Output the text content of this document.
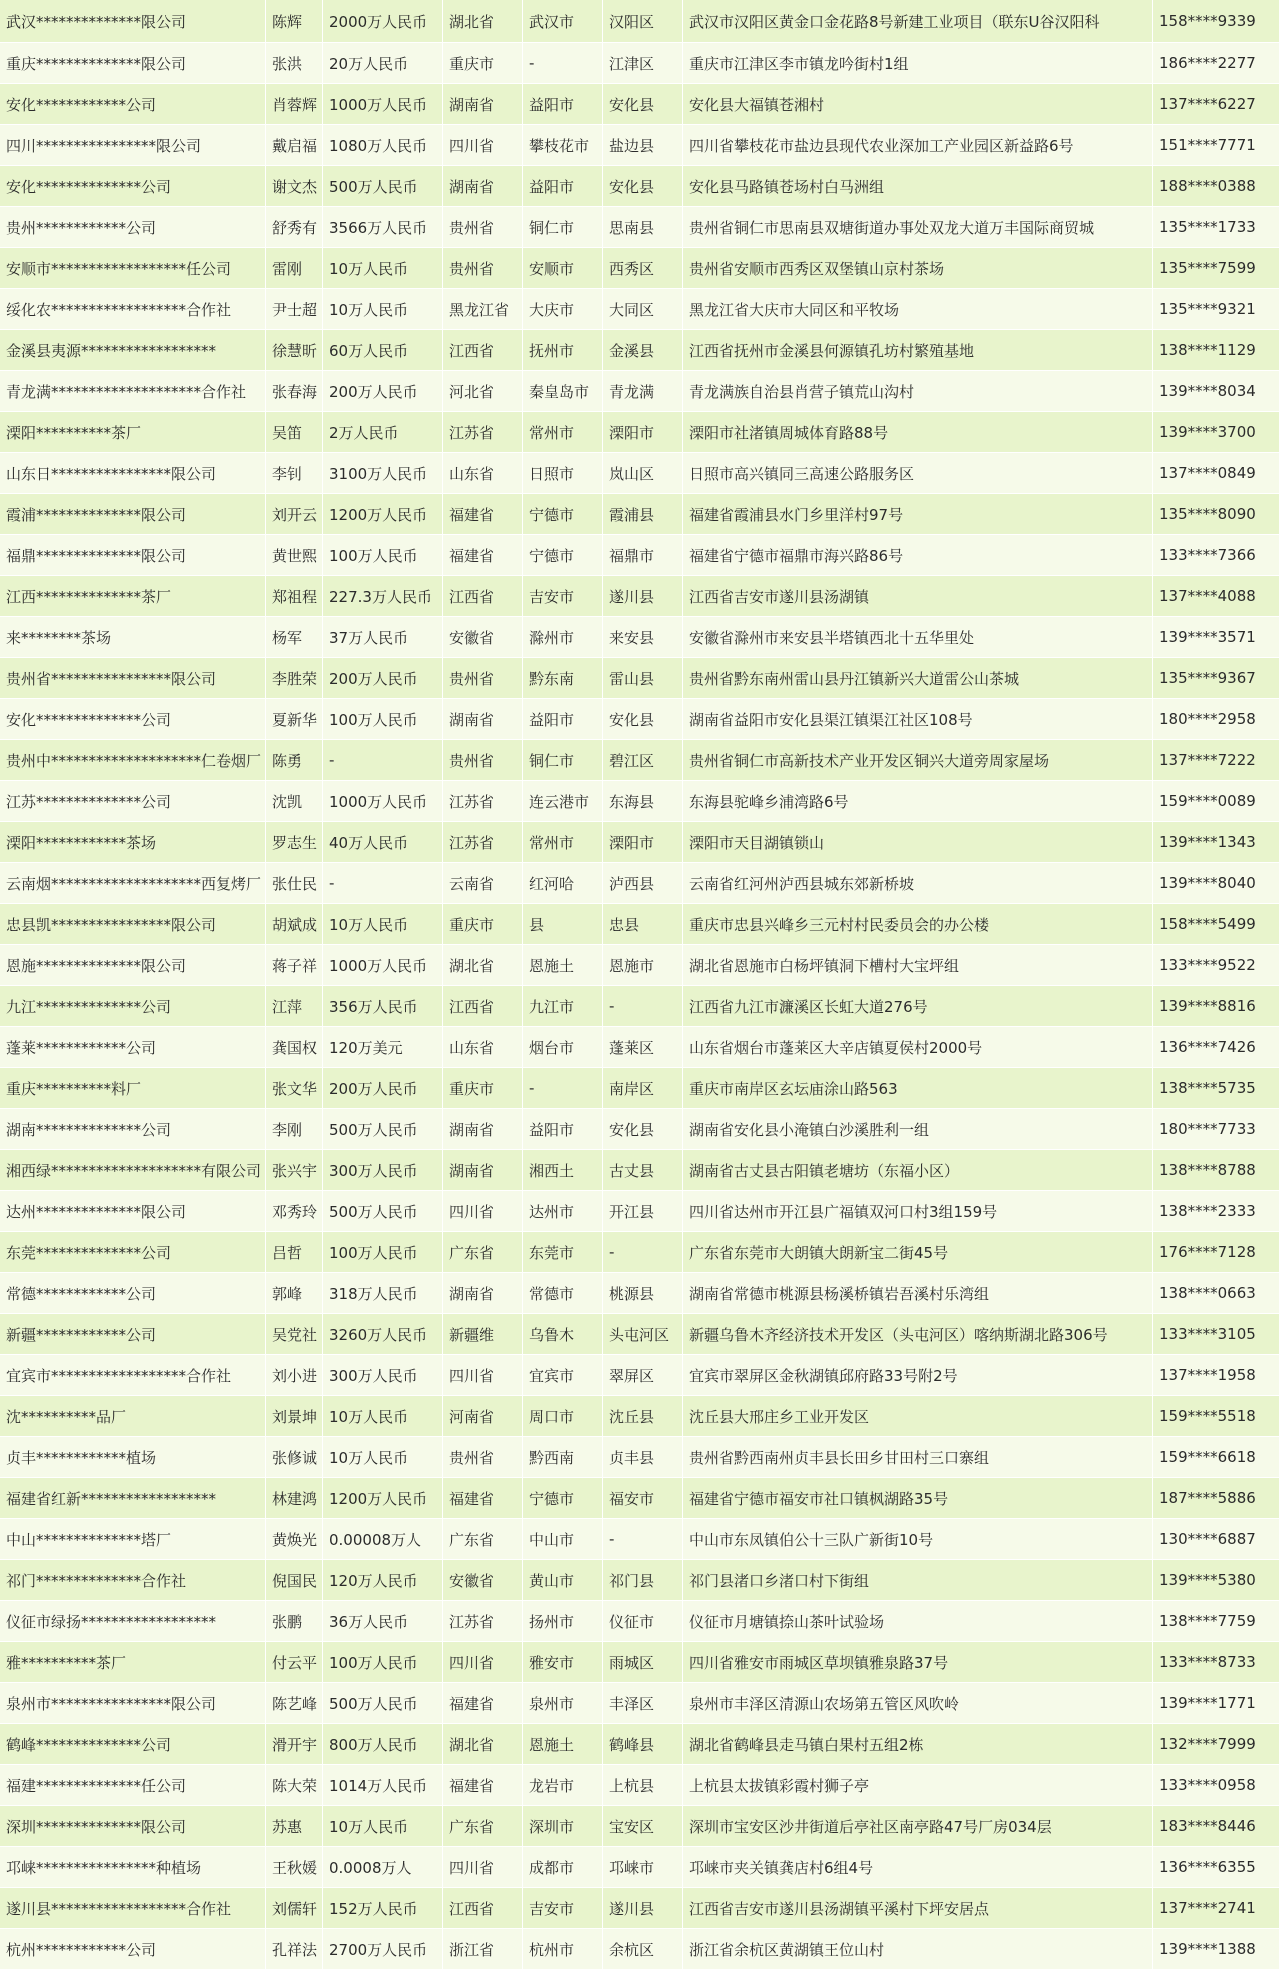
武汉**************限公司	陈辉	2000万人民币	湖北省	武汉市	汉阳区	武汉市汉阳区黄金口金花路8号新建工业项目（联东U谷汉阳科	158****9339
重庆**************限公司	张洪	20万人民币	重庆市	-	江津区	重庆市江津区李市镇龙吟街村1组	186****2277
安化************公司	肖蓉辉	1000万人民币	湖南省	益阳市	安化县	安化县大福镇苍湘村	137****6227
四川****************限公司	戴启福	1080万人民币	四川省	攀枝花市	盐边县	四川省攀枝花市盐边县现代农业深加工产业园区新益路6号	151****7771
安化**************公司	谢文杰	500万人民币	湖南省	益阳市	安化县	安化县马路镇苍场村白马洲组	188****0388
贵州************公司	舒秀有	3566万人民币	贵州省	铜仁市	思南县	贵州省铜仁市思南县双塘街道办事处双龙大道万丰国际商贸城	135****1733
安顺市******************任公司	雷刚	10万人民币	贵州省	安顺市	西秀区	贵州省安顺市西秀区双堡镇山京村茶场	135****7599
绥化农******************合作社	尹士超	10万人民币	黑龙江省	大庆市	大同区	黑龙江省大庆市大同区和平牧场	135****9321
金溪县夷源******************	徐慧昕	60万人民币	江西省	抚州市	金溪县	江西省抚州市金溪县何源镇孔坊村繁殖基地	138****1129
青龙满********************合作社	张春海	200万人民币	河北省	秦皇岛市	青龙满	青龙满族自治县肖营子镇荒山沟村	139****8034
溧阳**********茶厂	吴笛	2万人民币	江苏省	常州市	溧阳市	溧阳市社渚镇周城体育路88号	139****3700
山东日****************限公司	李钊	3100万人民币	山东省	日照市	岚山区	日照市高兴镇同三高速公路服务区	137****0849
霞浦**************限公司	刘开云	1200万人民币	福建省	宁德市	霞浦县	福建省霞浦县水门乡里洋村97号	135****8090
福鼎**************限公司	黄世熙	100万人民币	福建省	宁德市	福鼎市	福建省宁德市福鼎市海兴路86号	133****7366
江西**************茶厂	郑祖程	227.3万人民币	江西省	吉安市	遂川县	江西省吉安市遂川县汤湖镇	137****4088
来********茶场	杨军	37万人民币	安徽省	滁州市	来安县	安徽省滁州市来安县半塔镇西北十五华里处	139****3571
贵州省****************限公司	李胜荣	200万人民币	贵州省	黔东南	雷山县	贵州省黔东南州雷山县丹江镇新兴大道雷公山茶城	135****9367
安化**************公司	夏新华	100万人民币	湖南省	益阳市	安化县	湖南省益阳市安化县渠江镇渠江社区108号	180****2958
贵州中********************仁卷烟厂	陈勇	-	贵州省	铜仁市	碧江区	贵州省铜仁市高新技术产业开发区铜兴大道旁周家屋场	137****7222
江苏**************公司	沈凯	1000万人民币	江苏省	连云港市	东海县	东海县驼峰乡浦湾路6号	159****0089
溧阳************茶场	罗志生	40万人民币	江苏省	常州市	溧阳市	溧阳市天目湖镇锁山	139****1343
云南烟********************西复烤厂	张仕民	-	云南省	红河哈	泸西县	云南省红河州泸西县城东郊新桥坡	139****8040
忠县凯****************限公司	胡斌成	10万人民币	重庆市	县	忠县	重庆市忠县兴峰乡三元村村民委员会的办公楼	158****5499
恩施**************限公司	蒋子祥	1000万人民币	湖北省	恩施土	恩施市	湖北省恩施市白杨坪镇洞下槽村大宝坪组	133****9522
九江**************公司	江萍	356万人民币	江西省	九江市	-	江西省九江市濂溪区长虹大道276号	139****8816
蓬莱************公司	龚国权	120万美元	山东省	烟台市	蓬莱区	山东省烟台市蓬莱区大辛店镇夏侯村2000号	136****7426
重庆**********料厂	张文华	200万人民币	重庆市	-	南岸区	重庆市南岸区玄坛庙涂山路563	138****5735
湖南**************公司	李刚	500万人民币	湖南省	益阳市	安化县	湖南省安化县小淹镇白沙溪胜利一组	180****7733
湘西绿********************有限公司	张兴宇	300万人民币	湖南省	湘西土	古丈县	湖南省古丈县古阳镇老塘坊（东福小区）	138****8788
达州**************限公司	邓秀玲	500万人民币	四川省	达州市	开江县	四川省达州市开江县广福镇双河口村3组159号	138****2333
东莞**************公司	吕哲	100万人民币	广东省	东莞市	-	广东省东莞市大朗镇大朗新宝二街45号	176****7128
常德************公司	郭峰	318万人民币	湖南省	常德市	桃源县	湖南省常德市桃源县杨溪桥镇岩吾溪村乐湾组	138****0663
新疆************公司	吴党社	3260万人民币	新疆维	乌鲁木	头屯河区	新疆乌鲁木齐经济技术开发区（头屯河区）喀纳斯湖北路306号	133****3105
宜宾市******************合作社	刘小进	300万人民币	四川省	宜宾市	翠屏区	宜宾市翠屏区金秋湖镇邱府路33号附2号	137****1958
沈**********品厂	刘景坤	10万人民币	河南省	周口市	沈丘县	沈丘县大邢庄乡工业开发区	159****5518
贞丰************植场	张修诚	10万人民币	贵州省	黔西南	贞丰县	贵州省黔西南州贞丰县长田乡甘田村三口寨组	159****6618
福建省红新******************	林建鸿	1200万人民币	福建省	宁德市	福安市	福建省宁德市福安市社口镇枫湖路35号	187****5886
中山**************塔厂	黄焕光	0.00008万人	广东省	中山市	-	中山市东凤镇伯公十三队广新街10号	130****6887
祁门**************合作社	倪国民	120万人民币	安徽省	黄山市	祁门县	祁门县渚口乡渚口村下街组	139****5380
仪征市绿扬******************	张鹏	36万人民币	江苏省	扬州市	仪征市	仪征市月塘镇捺山茶叶试验场	138****7759
雅**********茶厂	付云平	100万人民币	四川省	雅安市	雨城区	四川省雅安市雨城区草坝镇雅泉路37号	133****8733
泉州市****************限公司	陈艺峰	500万人民币	福建省	泉州市	丰泽区	泉州市丰泽区清源山农场第五管区风吹岭	139****1771
鹤峰**************公司	滑开宇	800万人民币	湖北省	恩施土	鹤峰县	湖北省鹤峰县走马镇白果村五组2栋	132****7999
福建**************任公司	陈大荣	1014万人民币	福建省	龙岩市	上杭县	上杭县太拔镇彩霞村狮子亭	133****0958
深圳**************限公司	苏惠	10万人民币	广东省	深圳市	宝安区	深圳市宝安区沙井街道后亭社区南亭路47号厂房034层	183****8446
邛崃****************种植场	王秋媛	0.0008万人	四川省	成都市	邛崃市	邛崃市夹关镇龚店村6组4号	136****6355
遂川县******************合作社	刘儒轩	152万人民币	江西省	吉安市	遂川县	江西省吉安市遂川县汤湖镇平溪村下坪安居点	137****2741
杭州************公司	孔祥法	2700万人民币	浙江省	杭州市	余杭区	浙江省余杭区黄湖镇王位山村	139****1388
